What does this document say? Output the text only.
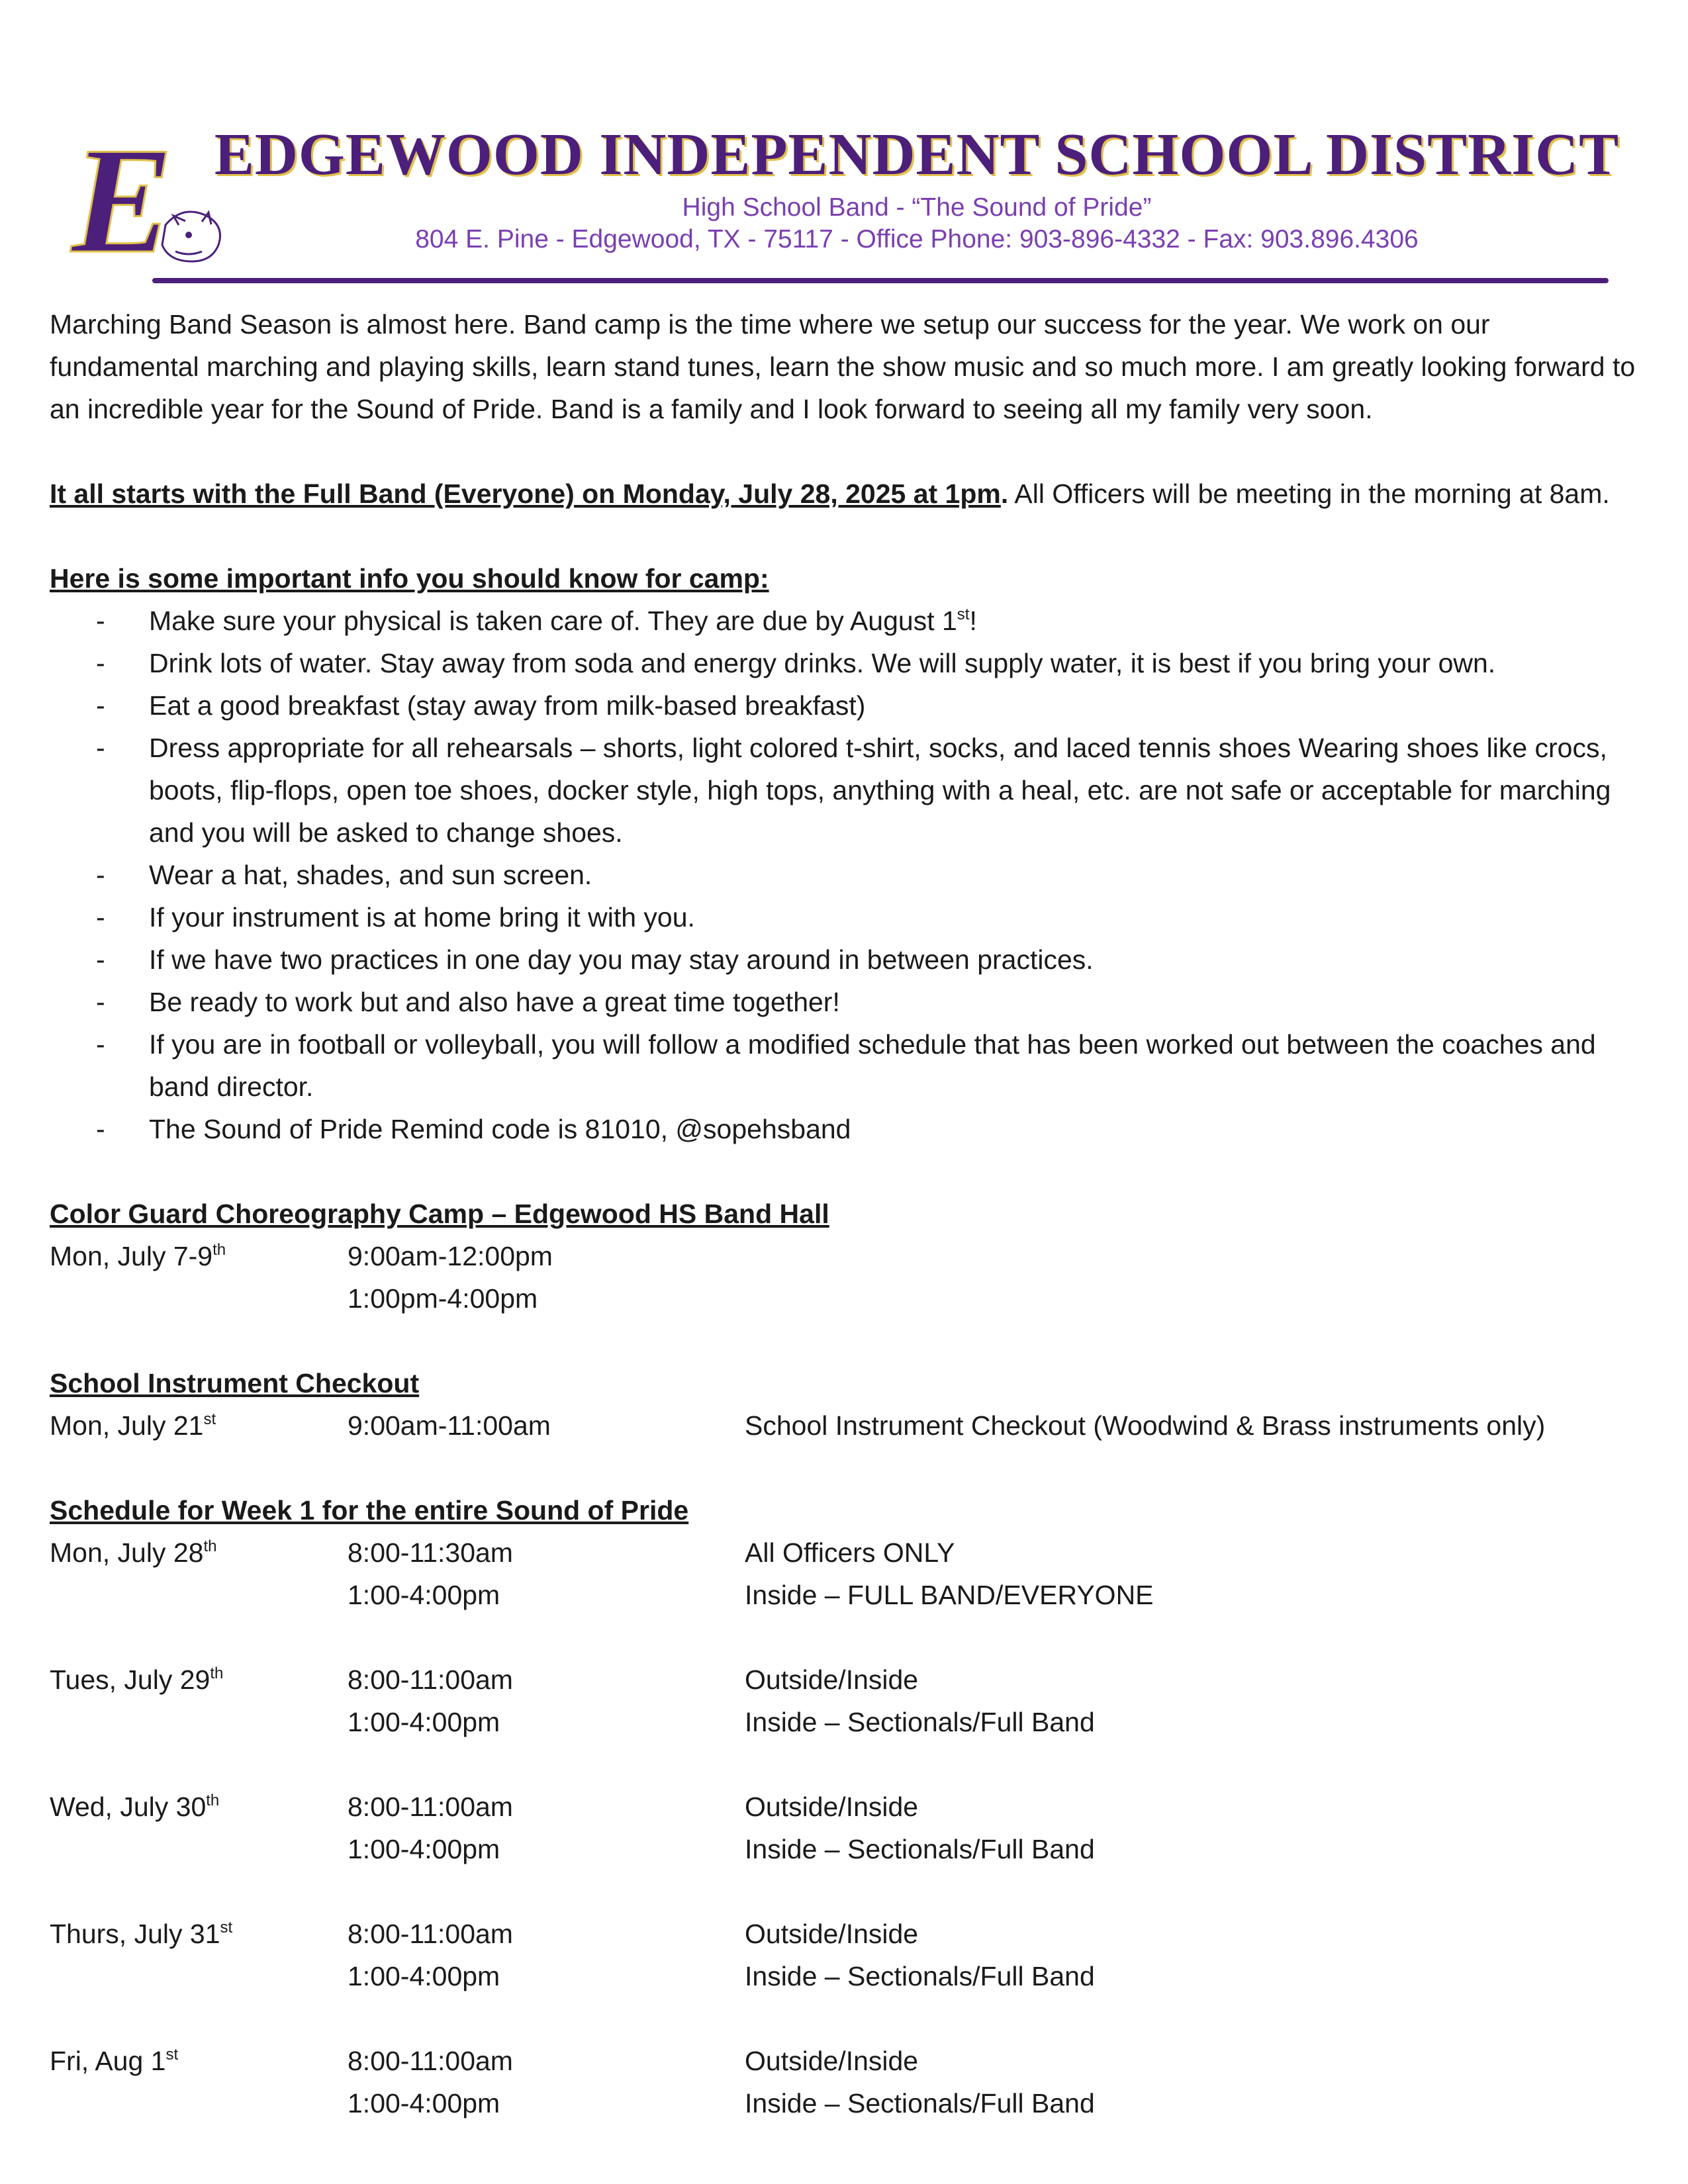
E EDGEWOOD INDEPENDENT SCHOOL DISTRICT
High School Band - “The Sound of Pride”
804 E. Pine - Edgewood, TX - 75117 - Office Phone: 903-896-4332 - Fax: 903.896.4306

Marching Band Season is almost here. Band camp is the time where we setup our success for the year. We work on our fundamental marching and playing skills, learn stand tunes, learn the show music and so much more. I am greatly looking forward to an incredible year for the Sound of Pride. Band is a family and I look forward to seeing all my family very soon.

It all starts with the Full Band (Everyone) on Monday, July 28, 2025 at 1pm. All Officers will be meeting in the morning at 8am.

Here is some important info you should know for camp:

- Make sure your physical is taken care of. They are due by August 1st!
- Drink lots of water. Stay away from soda and energy drinks. We will supply water, it is best if you bring your own.
- Eat a good breakfast (stay away from milk-based breakfast)
- Dress appropriate for all rehearsals – shorts, light colored t-shirt, socks, and laced tennis shoes Wearing shoes like crocs, boots, flip-flops, open toe shoes, docker style, high tops, anything with a heal, etc. are not safe or acceptable for marching and you will be asked to change shoes.
- Wear a hat, shades, and sun screen.
- If your instrument is at home bring it with you.
- If we have two practices in one day you may stay around in between practices.
- Be ready to work but and also have a great time together!
- If you are in football or volleyball, you will follow a modified schedule that has been worked out between the coaches and band director.
- The Sound of Pride Remind code is 81010, @sopehsband

Color Guard Choreography Camp – Edgewood HS Band Hall

Mon, July 7-9th	9:00am-12:00pm
1:00pm-4:00pm

School Instrument Checkout

Mon, July 21st	9:00am-11:00am	School Instrument Checkout (Woodwind & Brass instruments only)

Schedule for Week 1 for the entire Sound of Pride

Mon, July 28th	8:00-11:30am	All Officers ONLY
1:00-4:00pm	Inside – FULL BAND/EVERYONE
Tues, July 29th	8:00-11:00am	Outside/Inside
1:00-4:00pm	Inside – Sectionals/Full Band
Wed, July 30th	8:00-11:00am	Outside/Inside
1:00-4:00pm	Inside – Sectionals/Full Band
Thurs, July 31st	8:00-11:00am	Outside/Inside
1:00-4:00pm	Inside – Sectionals/Full Band
Fri, Aug 1st	8:00-11:00am	Outside/Inside
1:00-4:00pm	Inside – Sectionals/Full Band
